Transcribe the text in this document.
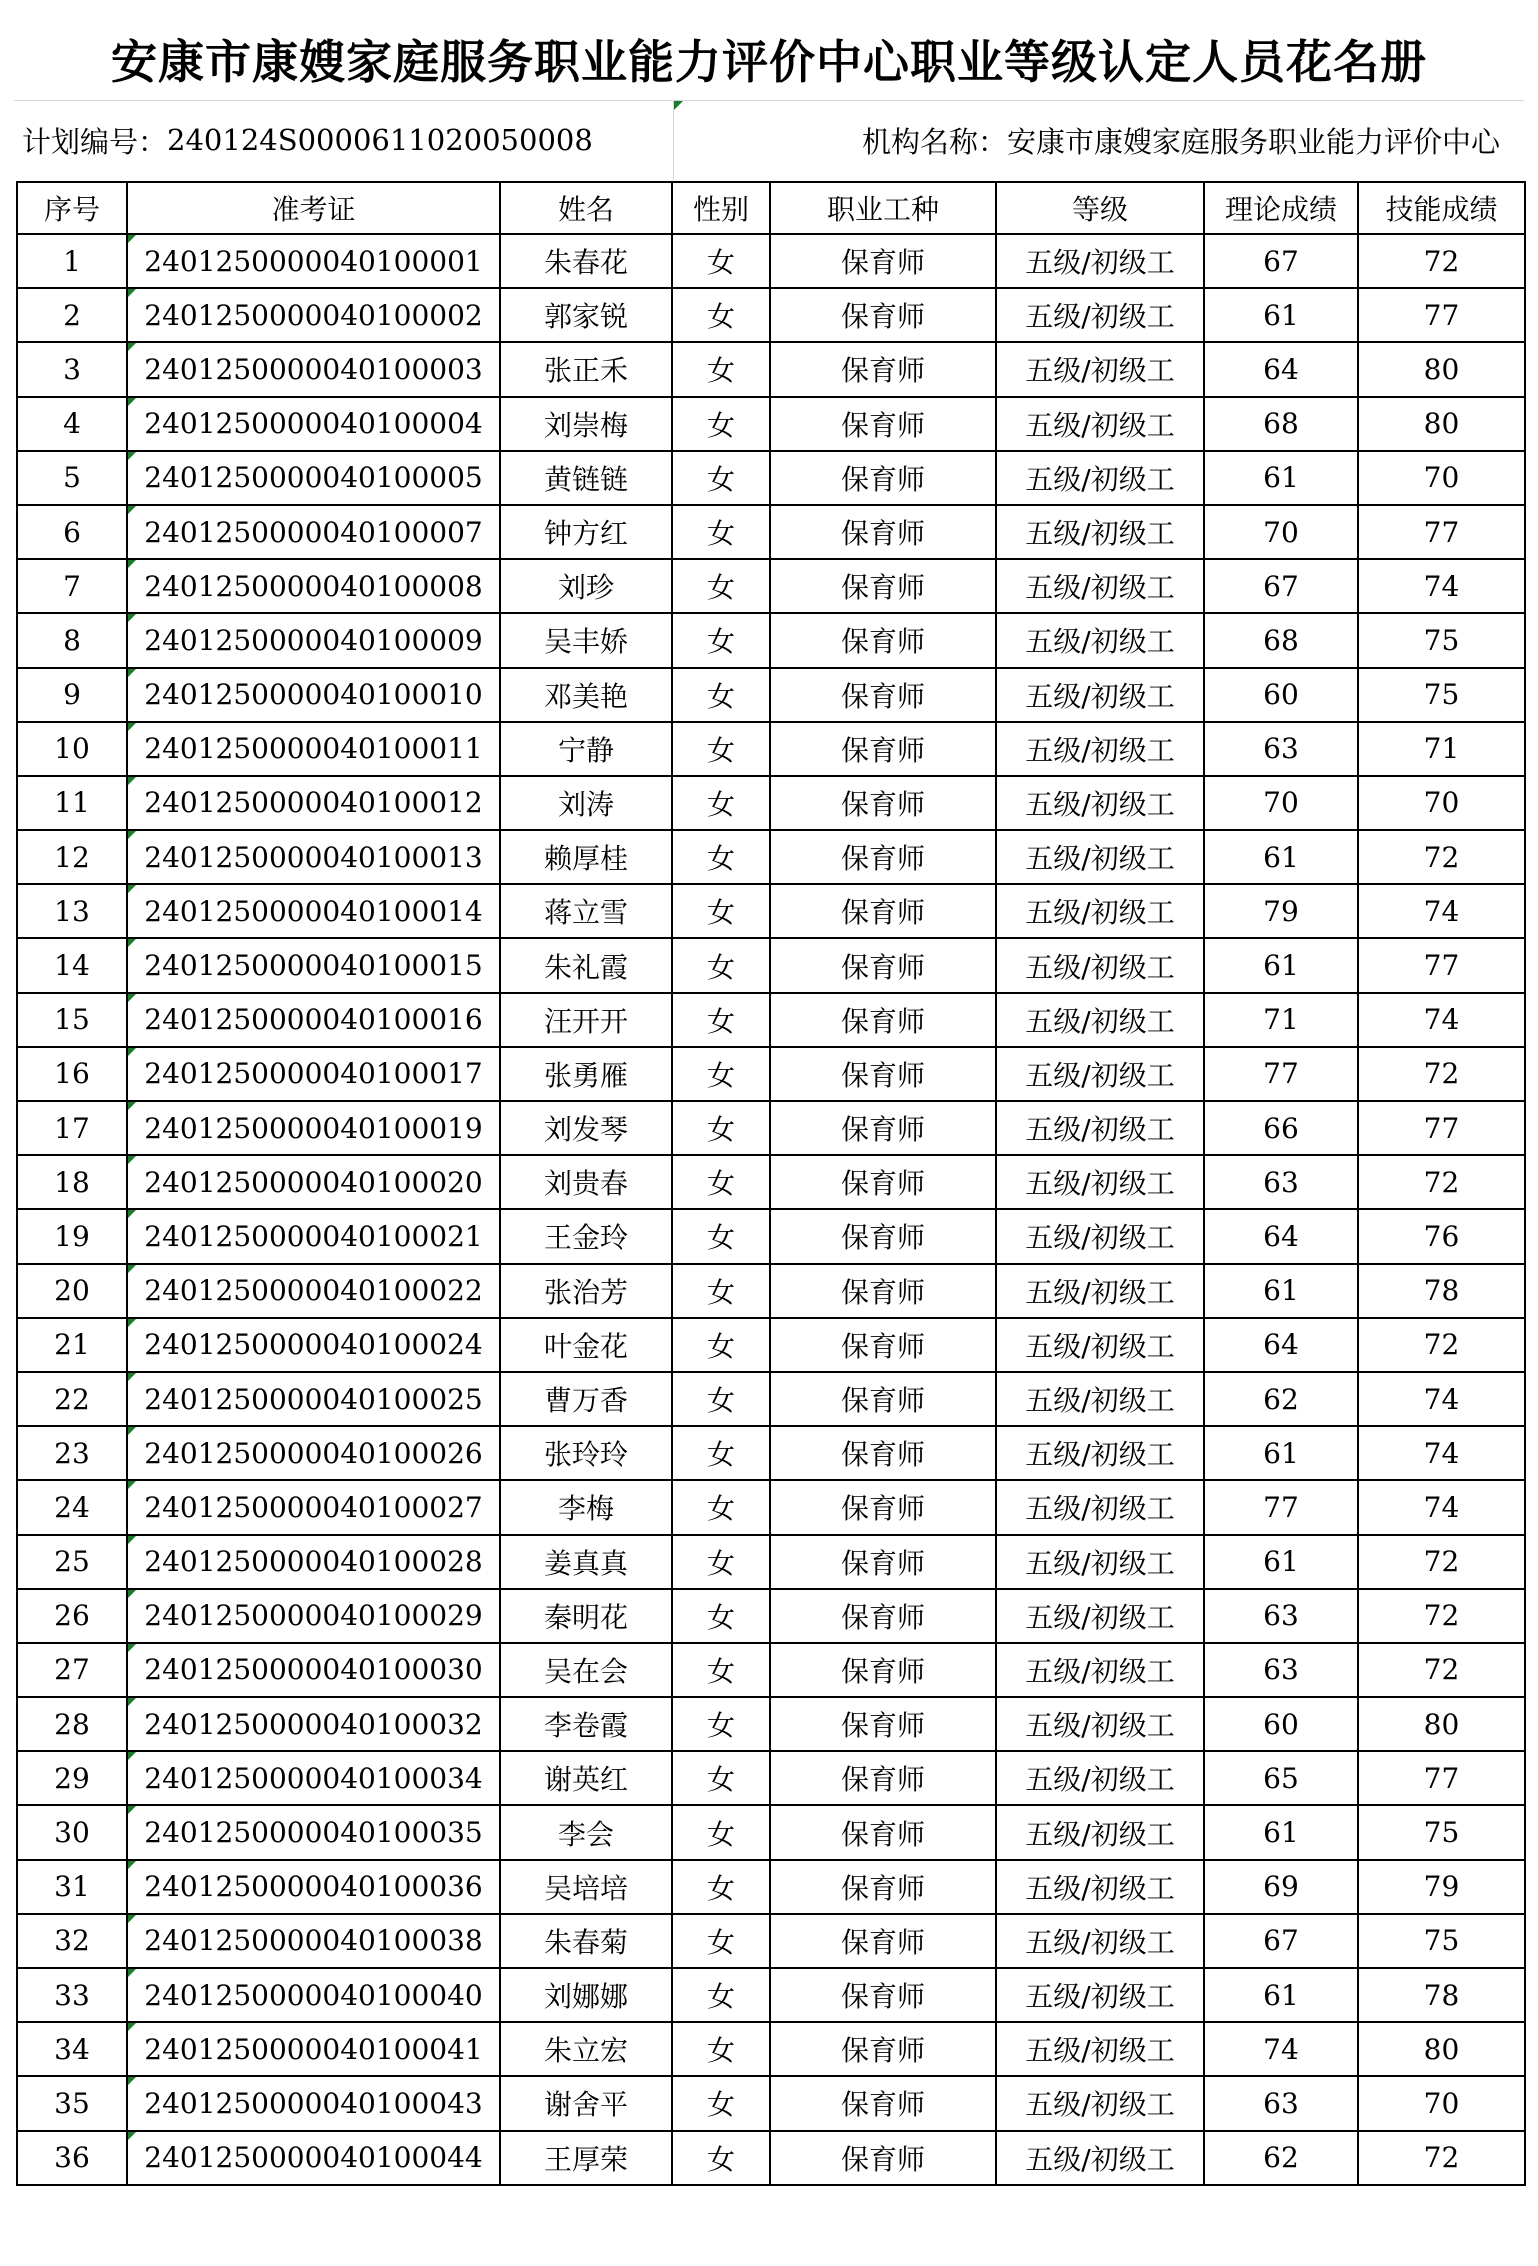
安康市康嫂家庭服务职业能力评价中心职业等级认定人员花名册
计划编号： 240124S0000611020050008	机构名称： 安康市康嫂家庭服务职业能力评价中心
序号	准考证	姓名	性别	职业工种	等级	理论成绩	技能成绩
1	2401250000040100001	朱春花	女	保育师	五级/初级工	67	72
2	2401250000040100002	郭家锐	女	保育师	五级/初级工	61	77
3	2401250000040100003	张正禾	女	保育师	五级/初级工	64	80
4	2401250000040100004	刘崇梅	女	保育师	五级/初级工	68	80
5	2401250000040100005	黄链链	女	保育师	五级/初级工	61	70
6	2401250000040100007	钟方红	女	保育师	五级/初级工	70	77
7	2401250000040100008	刘珍	女	保育师	五级/初级工	67	74
8	2401250000040100009	吴丰娇	女	保育师	五级/初级工	68	75
9	2401250000040100010	邓美艳	女	保育师	五级/初级工	60	75
10	2401250000040100011	宁静	女	保育师	五级/初级工	63	71
11	2401250000040100012	刘涛	女	保育师	五级/初级工	70	70
12	2401250000040100013	赖厚桂	女	保育师	五级/初级工	61	72
13	2401250000040100014	蒋立雪	女	保育师	五级/初级工	79	74
14	2401250000040100015	朱礼霞	女	保育师	五级/初级工	61	77
15	2401250000040100016	汪开开	女	保育师	五级/初级工	71	74
16	2401250000040100017	张勇雁	女	保育师	五级/初级工	77	72
17	2401250000040100019	刘发琴	女	保育师	五级/初级工	66	77
18	2401250000040100020	刘贵春	女	保育师	五级/初级工	63	72
19	2401250000040100021	王金玲	女	保育师	五级/初级工	64	76
20	2401250000040100022	张治芳	女	保育师	五级/初级工	61	78
21	2401250000040100024	叶金花	女	保育师	五级/初级工	64	72
22	2401250000040100025	曹万香	女	保育师	五级/初级工	62	74
23	2401250000040100026	张玲玲	女	保育师	五级/初级工	61	74
24	2401250000040100027	李梅	女	保育师	五级/初级工	77	74
25	2401250000040100028	姜真真	女	保育师	五级/初级工	61	72
26	2401250000040100029	秦明花	女	保育师	五级/初级工	63	72
27	2401250000040100030	吴在会	女	保育师	五级/初级工	63	72
28	2401250000040100032	李卷霞	女	保育师	五级/初级工	60	80
29	2401250000040100034	谢英红	女	保育师	五级/初级工	65	77
30	2401250000040100035	李会	女	保育师	五级/初级工	61	75
31	2401250000040100036	吴培培	女	保育师	五级/初级工	69	79
32	2401250000040100038	朱春菊	女	保育师	五级/初级工	67	75
33	2401250000040100040	刘娜娜	女	保育师	五级/初级工	61	78
34	2401250000040100041	朱立宏	女	保育师	五级/初级工	74	80
35	2401250000040100043	谢舍平	女	保育师	五级/初级工	63	70
36	2401250000040100044	王厚荣	女	保育师	五级/初级工	62	72
